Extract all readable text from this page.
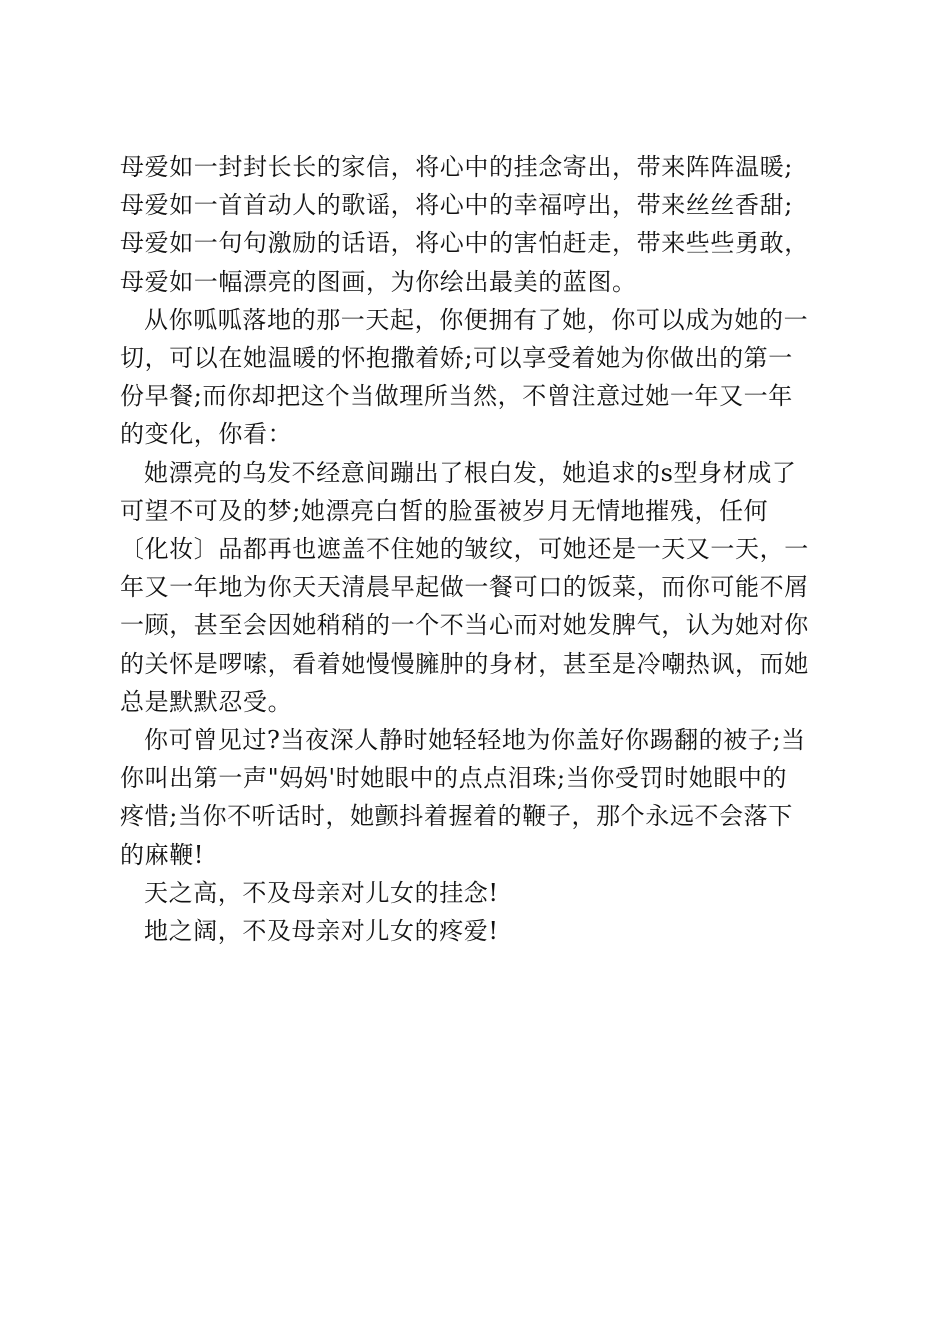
母爱如一封封长长的家信，将心中的挂念寄出，带来阵阵温暖;
母爱如一首首动人的歌谣，将心中的幸福哼出，带来丝丝香甜;
母爱如一句句激励的话语，将心中的害怕赶走，带来些些勇敢，
母爱如一幅漂亮的图画，为你绘出最美的蓝图。
从你呱呱落地的那一天起，你便拥有了她，你可以成为她的一
切，可以在她温暖的怀抱撒着娇;可以享受着她为你做出的第一
份早餐;而你却把这个当做理所当然，不曾注意过她一年又一年
的变化，你看：
她漂亮的乌发不经意间蹦出了根白发，她追求的s型身材成了
可望不可及的梦;她漂亮白皙的脸蛋被岁月无情地摧残，任何
〔化妆〕品都再也遮盖不住她的皱纹，可她还是一天又一天，一
年又一年地为你天天清晨早起做一餐可口的饭菜，而你可能不屑
一顾，甚至会因她稍稍的一个不当心而对她发脾气，认为她对你
的关怀是啰嗦，看着她慢慢臃肿的身材，甚至是冷嘲热讽，而她
总是默默忍受。
你可曾见过?当夜深人静时她轻轻地为你盖好你踢翻的被子;当
你叫出第一声"妈妈'时她眼中的点点泪珠;当你受罚时她眼中的
疼惜;当你不听话时，她颤抖着握着的鞭子，那个永远不会落下
的麻鞭!
天之高，不及母亲对儿女的挂念!
地之阔，不及母亲对儿女的疼爱!
